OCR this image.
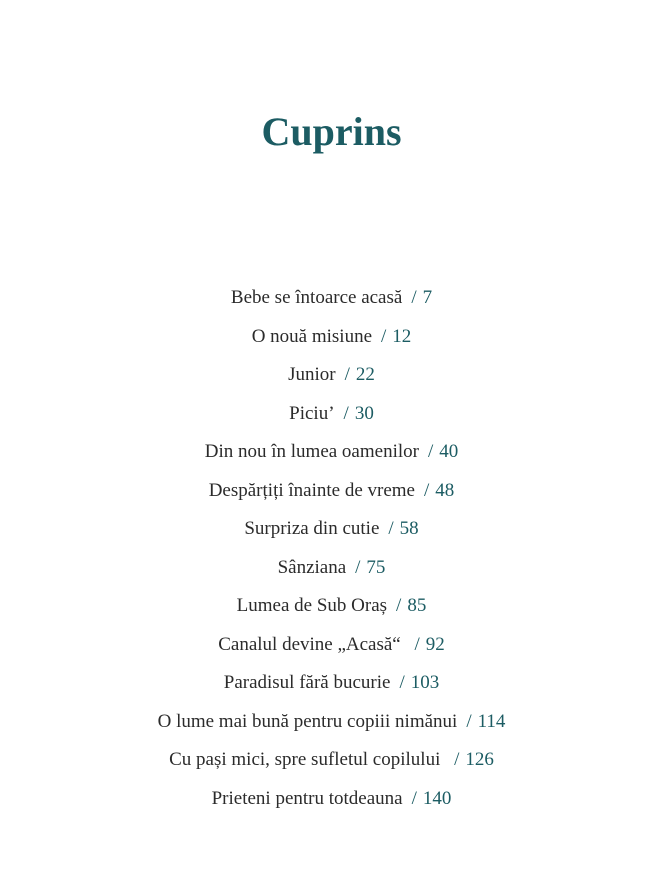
Cuprins
Bebe se întoarce acasă / 7
O nouă misiune / 12
Junior / 22
Piciu’ / 30
Din nou în lumea oamenilor / 40
Despărțiți înainte de vreme / 48
Surpriza din cutie / 58
Sânziana / 75
Lumea de Sub Oraș / 85
Canalul devine „Acasă“ / 92
Paradisul fără bucurie / 103
O lume mai bună pentru copiii nimănui / 114
Cu pași mici, spre sufletul copilului / 126
Prieteni pentru totdeauna / 140
